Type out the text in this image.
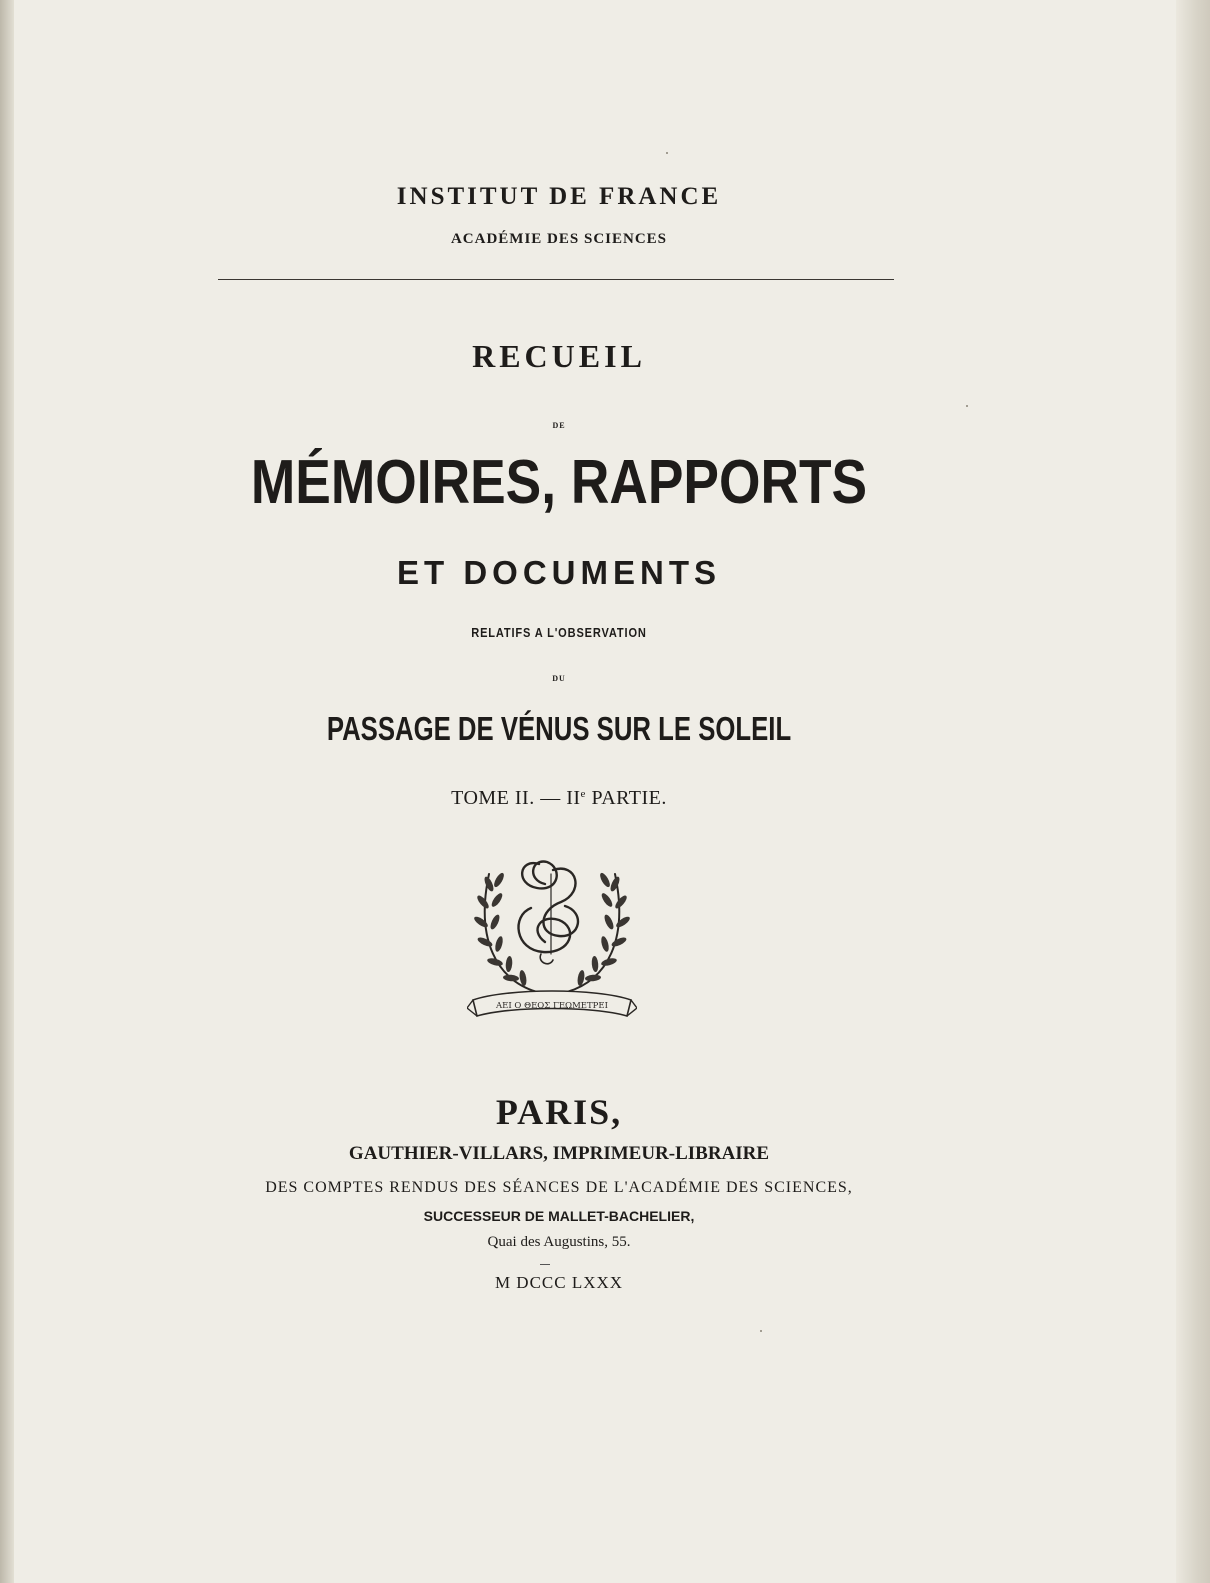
INSTITUT DE FRANCE

ACADÉMIE DES SCIENCES

RECUEIL

DE

MÉMOIRES, RAPPORTS

ET DOCUMENTS

RELATIFS A L'OBSERVATION

DU

PASSAGE DE VÉNUS SUR LE SOLEIL

TOME II. — IIe PARTIE.

ΑΕΙ Ο ΘΕΟΣ ΓΕΩΜΕΤΡΕΙ

PARIS,

GAUTHIER-VILLARS, IMPRIMEUR-LIBRAIRE

DES COMPTES RENDUS DES SÉANCES DE L'ACADÉMIE DES SCIENCES,

SUCCESSEUR DE MALLET-BACHELIER,

Quai des Augustins, 55.

M DCCC LXXX
